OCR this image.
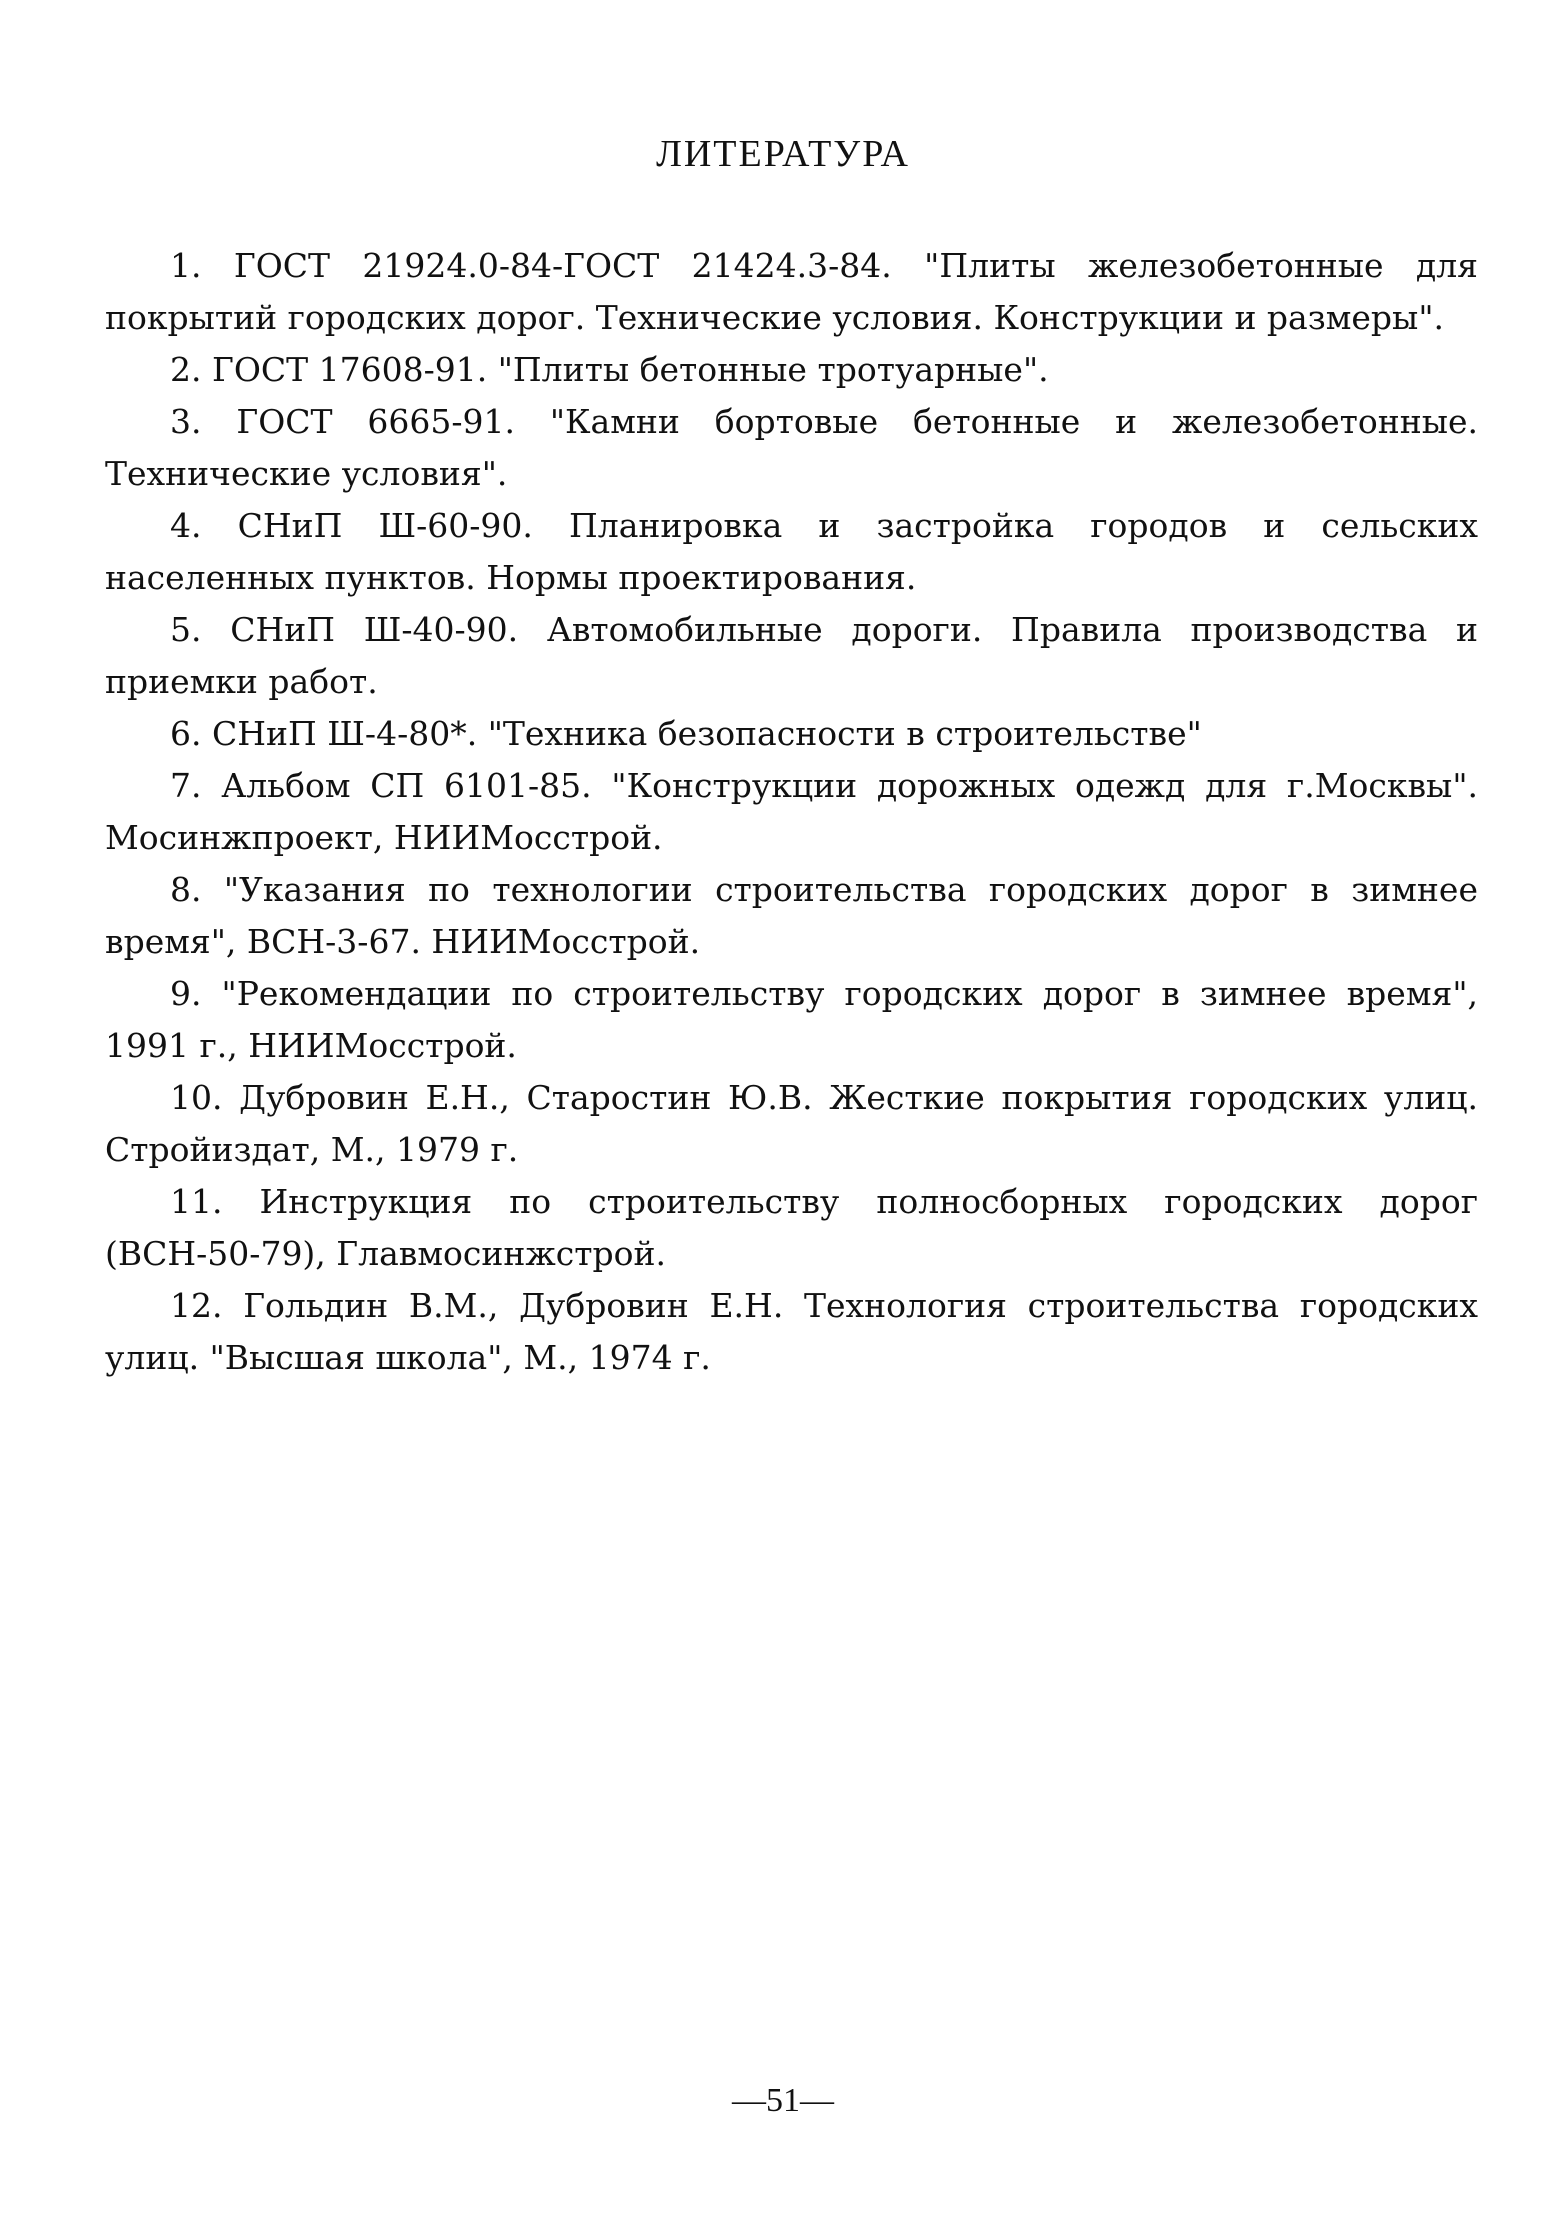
ЛИТЕРАТУРА

1. ГОСТ 21924.0-84-ГОСТ 21424.3-84. "Плиты железобетонные для покрытий городских дорог. Технические условия. Конструкции и размеры".

2. ГОСТ 17608-91. "Плиты бетонные тротуарные".

3. ГОСТ 6665-91. "Камни бортовые бетонные и железобетонные. Технические условия".

4. СНиП Ш-60-90. Планировка и застройка городов и сельских населенных пунктов. Нормы проектирования.

5. СНиП Ш-40-90. Автомобильные дороги. Правила производства и приемки работ.

6. СНиП Ш-4-80*. "Техника безопасности в строительстве"

7. Альбом СП 6101-85. "Конструкции дорожных одежд для г.Москвы". Мосинжпроект, НИИМосстрой.

8. "Указания по технологии строительства городских дорог в зимнее время", ВСН-3-67. НИИМосстрой.

9. "Рекомендации по строительству городских дорог в зимнее время", 1991 г., НИИМосстрой.

10. Дубровин Е.Н., Старостин Ю.В. Жесткие покрытия городских улиц. Стройиздат, М., 1979 г.

11. Инструкция по строительству полносборных городских дорог (ВСН-50-79), Главмосинжстрой.

12. Гольдин В.М., Дубровин Е.Н. Технология строительства городских улиц. "Высшая школа", М., 1974 г.

—51—
